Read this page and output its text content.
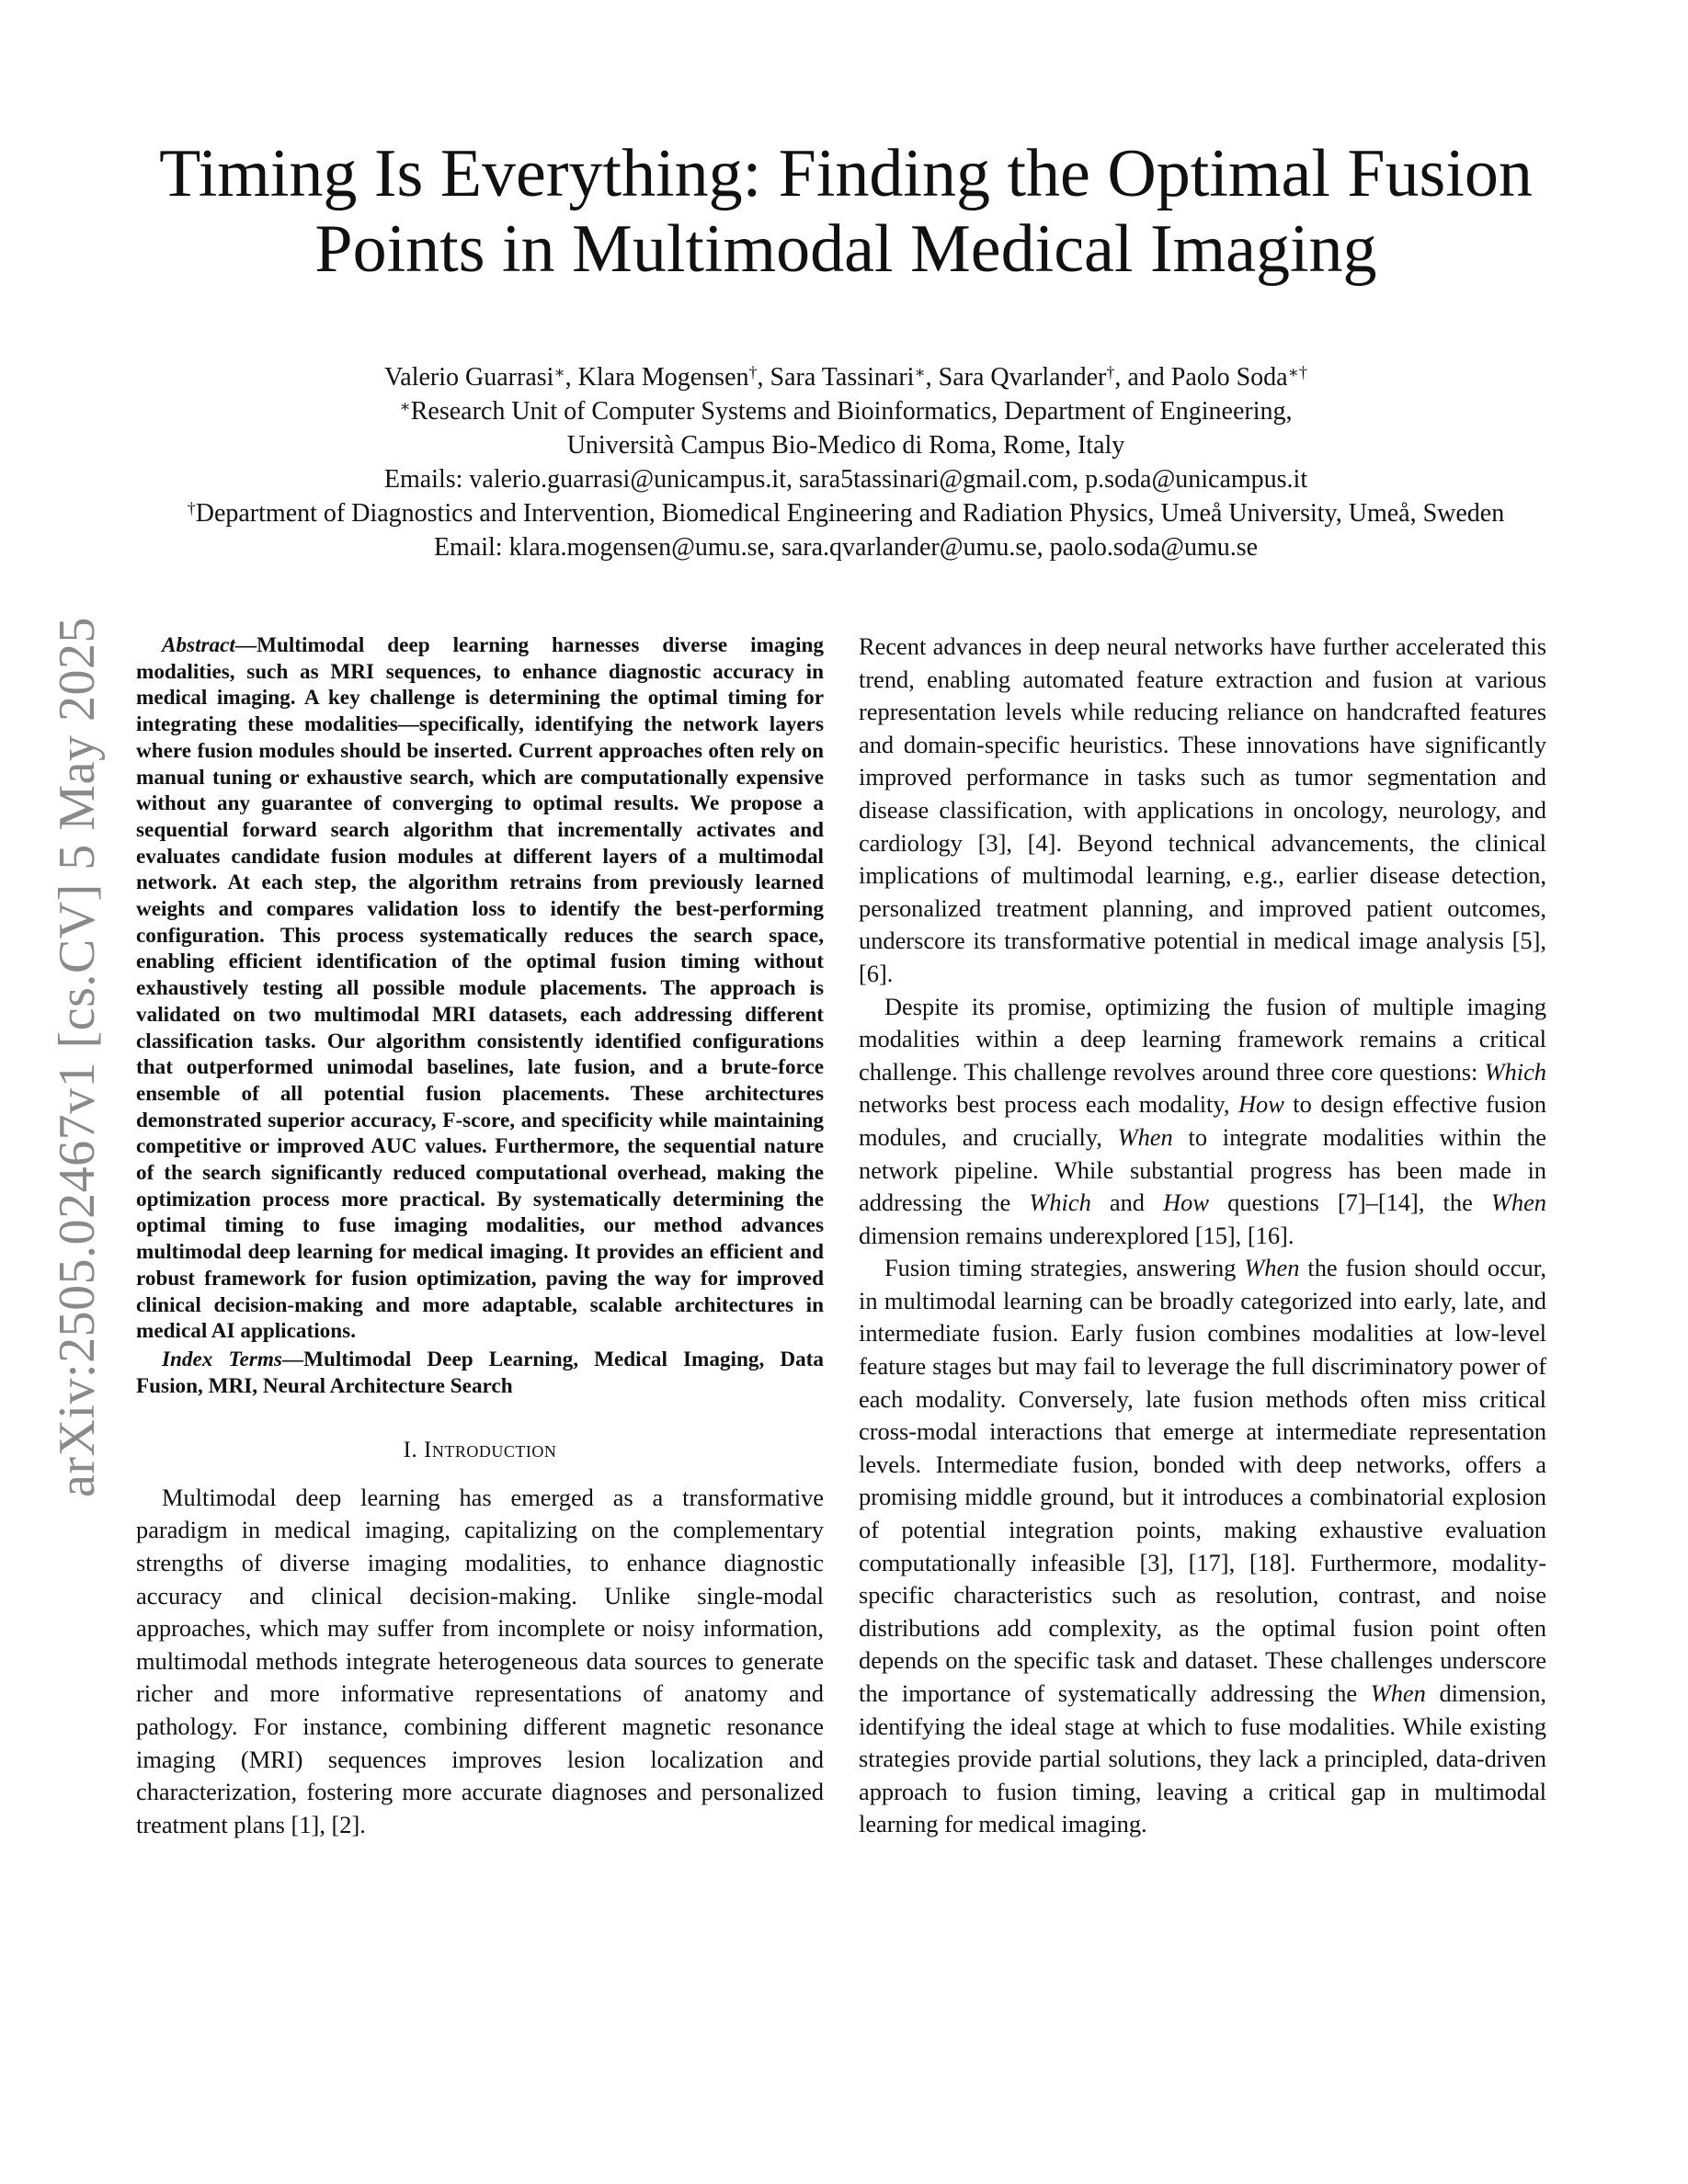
arXiv:2505.02467v1 [cs.CV] 5 May 2025
Timing Is Everything: Finding the Optimal Fusion
Points in Multimodal Medical Imaging
Valerio Guarrasi∗, Klara Mogensen†, Sara Tassinari∗, Sara Qvarlander†, and Paolo Soda∗†
∗Research Unit of Computer Systems and Bioinformatics, Department of Engineering,
Università Campus Bio-Medico di Roma, Rome, Italy
Emails: valerio.guarrasi@unicampus.it, sara5tassinari@gmail.com, p.soda@unicampus.it
†Department of Diagnostics and Intervention, Biomedical Engineering and Radiation Physics, Umeå University, Umeå, Sweden
Email: klara.mogensen@umu.se, sara.qvarlander@umu.se, paolo.soda@umu.se

Abstract—Multimodal deep learning harnesses diverse imaging modalities, such as MRI sequences, to enhance diagnostic accuracy in medical imaging. A key challenge is determining the optimal timing for integrating these modalities—specifically, identifying the network layers where fusion modules should be inserted. Current approaches often rely on manual tuning or exhaustive search, which are computationally expensive without any guarantee of converging to optimal results. We propose a sequential forward search algorithm that incrementally activates and evaluates candidate fusion modules at different layers of a multimodal network. At each step, the algorithm retrains from previously learned weights and compares validation loss to identify the best-performing configuration. This process systematically reduces the search space, enabling efficient identification of the optimal fusion timing without exhaustively testing all possible module placements. The approach is validated on two multimodal MRI datasets, each addressing different classification tasks. Our algorithm consistently identified configurations that outperformed unimodal baselines, late fusion, and a brute-force ensemble of all potential fusion placements. These architectures demonstrated superior accuracy, F-score, and specificity while maintaining competitive or improved AUC values. Furthermore, the sequential nature of the search significantly reduced computational overhead, making the optimization process more practical. By systematically determining the optimal timing to fuse imaging modalities, our method advances multimodal deep learning for medical imaging. It provides an efficient and robust framework for fusion optimization, paving the way for improved clinical decision-making and more adaptable, scalable architectures in medical AI applications.

Index Terms—Multimodal Deep Learning, Medical Imaging, Data Fusion, MRI, Neural Architecture Search

I. Introduction

Multimodal deep learning has emerged as a transformative paradigm in medical imaging, capitalizing on the complementary strengths of diverse imaging modalities, to enhance diagnostic accuracy and clinical decision-making. Unlike single-modal approaches, which may suffer from incomplete or noisy information, multimodal methods integrate heterogeneous data sources to generate richer and more informative representations of anatomy and pathology. For instance, combining different magnetic resonance imaging (MRI) sequences improves lesion localization and characterization, fostering more accurate diagnoses and personalized treatment plans [1], [2].

Recent advances in deep neural networks have further accelerated this trend, enabling automated feature extraction and fusion at various representation levels while reducing reliance on handcrafted features and domain-specific heuristics. These innovations have significantly improved performance in tasks such as tumor segmentation and disease classification, with applications in oncology, neurology, and cardiology [3], [4]. Beyond technical advancements, the clinical implications of multimodal learning, e.g., earlier disease detection, personalized treatment planning, and improved patient outcomes, underscore its transformative potential in medical image analysis [5], [6].

Despite its promise, optimizing the fusion of multiple imaging modalities within a deep learning framework remains a critical challenge. This challenge revolves around three core questions: Which networks best process each modality, How to design effective fusion modules, and crucially, When to integrate modalities within the network pipeline. While substantial progress has been made in addressing the Which and How questions [7]–[14], the When dimension remains underexplored [15], [16].

Fusion timing strategies, answering When the fusion should occur, in multimodal learning can be broadly categorized into early, late, and intermediate fusion. Early fusion combines modalities at low-level feature stages but may fail to leverage the full discriminatory power of each modality. Conversely, late fusion methods often miss critical cross-modal interactions that emerge at intermediate representation levels. Intermediate fusion, bonded with deep networks, offers a promising middle ground, but it introduces a combinatorial explosion of potential integration points, making exhaustive evaluation computationally infeasible [3], [17], [18]. Furthermore, modality-specific characteristics such as resolution, contrast, and noise distributions add complexity, as the optimal fusion point often depends on the specific task and dataset. These challenges underscore the importance of systematically addressing the When dimension, identifying the ideal stage at which to fuse modalities. While existing strategies provide partial solutions, they lack a principled, data-driven approach to fusion timing, leaving a critical gap in multimodal learning for medical imaging.
